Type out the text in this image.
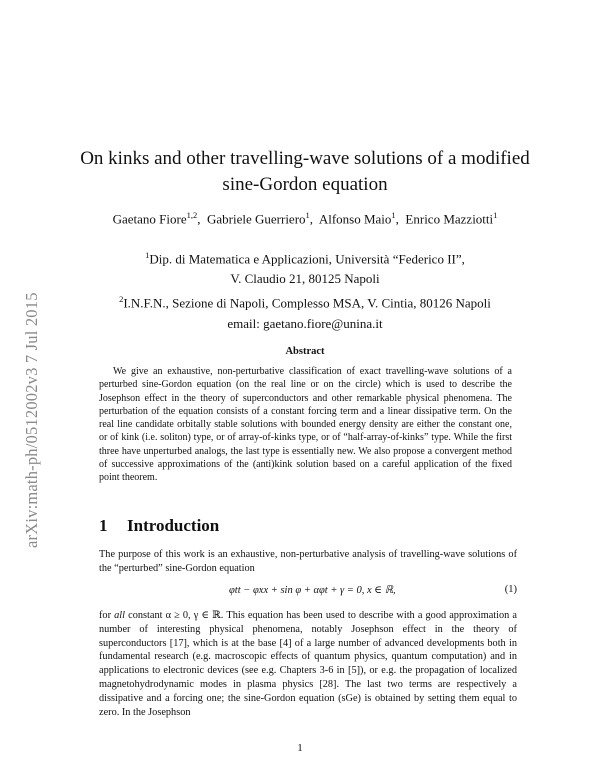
arXiv:math-ph/0512002v3 7 Jul 2015
On kinks and other travelling-wave solutions of a modified sine-Gordon equation
Gaetano Fiore$^{1,2}$,  Gabriele Guerriero$^1$,  Alfonso Maio$^1$,  Enrico Mazziotti$^1$
$^1$Dip. di Matematica e Applicazioni, Università “Federico II”,
V. Claudio 21, 80125 Napoli
$^2$I.N.F.N., Sezione di Napoli, Complesso MSA, V. Cintia, 80126 Napoli
email: gaetano.fiore@unina.it
Abstract
We give an exhaustive, non-perturbative classification of exact travelling-wave solutions of a perturbed sine-Gordon equation (on the real line or on the circle) which is used to describe the Josephson effect in the theory of superconductors and other remarkable physical phenomena. The perturbation of the equation consists of a constant forcing term and a linear dissipative term. On the real line candidate orbitally stable solutions with bounded energy density are either the constant one, or of kink (i.e. soliton) type, or of array-of-kinks type, or of “half-array-of-kinks” type. While the first three have unperturbed analogs, the last type is essentially new. We also propose a convergent method of successive approximations of the (anti)kink solution based on a careful application of the fixed point theorem.
1 Introduction
The purpose of this work is an exhaustive, non-perturbative analysis of travelling-wave solutions of the “perturbed” sine-Gordon equation
φtt − φxx + sin φ + αφt + γ = 0, x ∈ ℝ,	(1)
for all constant α ≥ 0, γ ∈ ℝ. This equation has been used to describe with a good approximation a number of interesting physical phenomena, notably Josephson effect in the theory of superconductors [17], which is at the base [4] of a large number of advanced developments both in fundamental research (e.g. macroscopic effects of quantum physics, quantum computation) and in applications to electronic devices (see e.g. Chapters 3-6 in [5]), or e.g. the propagation of localized magnetohydrodynamic modes in plasma physics [28]. The last two terms are respectively a dissipative and a forcing one; the sine-Gordon equation (sGe) is obtained by setting them equal to zero. In the Josephson
1
